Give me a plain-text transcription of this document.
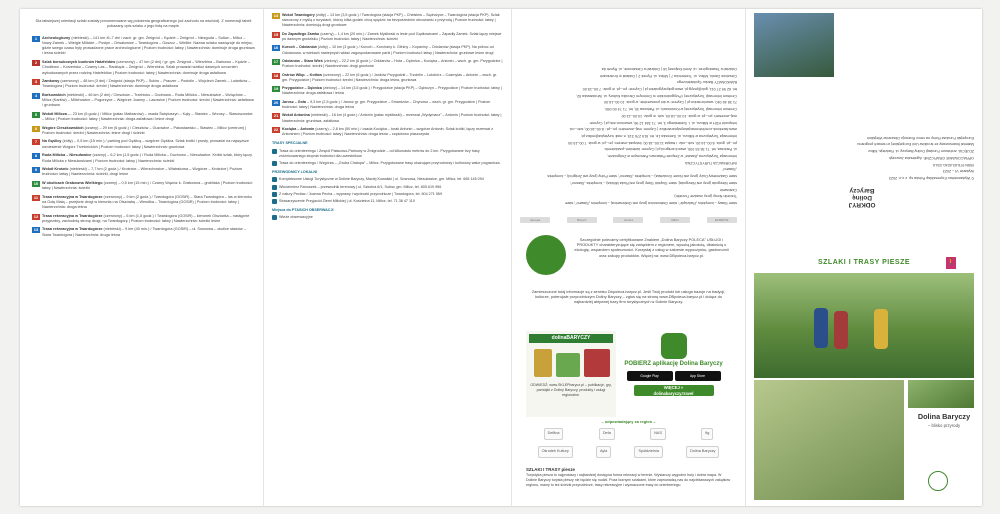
Dla łatwiejszej orientacji szlaki zostały ponumerowane wg położenia geograficznego (od zachodu na wschód). Z numeracji tabeli pokazany opis szlaku z jego listą na mapie.

1	Archeologiczny (niebieski) – 141 km /6–7 dni / zach. gr. gm. Żmigród – Kędzie – Żmigród – Niezgoda – Sułów – Milicz – Nowy Zamek – Wielgie Milickie – Pustyn – Drwalowice – Twardogóra – Goszcz – Wielkie. Nazwa szlaku nawiązuje do miejsc, gdzie swego czasu były prowadzone prace archeologiczne | Poziom trudności: łatwy | Nawierzchnia: dominuje droga gruntowa i leśna ścieżki
2	Szlak borsukowych bunkrów Hatzfeldów (czerwony) – 47 km (2 dni) / gr. gm. Żmigród – Wierzbina – Barkowo – Kędzie – Chodlewo – Korzeńsko – Czarny Las – Radziądz – Żmigród – Wierzbina. Szlak prowadzi wzdłuż dawnych umocnień wybudowanych przez rodzinę Hatzfeldów | Poziom trudności: łatwy | Nawierzchnia: dominuje droga asfaltowa
3	Zamkowy (czerwony) – 48 km (3 dni) / Żmigród (stacja PKP) – Sułów – Praczer – Postolin – Wojciech Zamek – Ludwików – Twardogóra | Poziom trudności: średni | Nawierzchnia: dominuje droga asfaltowa
4	Borkowskich (niebieski) – 46 km (2 dni) / Cieszków – Trzebicko – Godnowa – Ruda Milicka – Niesułowice – Wziąchów – Milicz (Karłów) – Milichowice – Pogorzyce – Wzgórze Joanny – Lasowice | Poziom trudności: średni | Nawierzchnia: asfaltowa / gruntowa
5	Wokół Milicza — 23 km (6 godz.) / Milicz (pałac Maltzanów) – osada Świętoszyn – Kąty – Stawiec – Wrzosy – Sławoszowice – Milicz | Poziom trudności: łatwy | Nawierzchnia: droga asfaltowa i leśne drogi
6	Wzgórz Cieszkowskich (czarny) – 29 km (6 godz.) / Cieszków – Guzowice – Pakosławsko – Stawiec – Milicz (centrum) | Poziom trudności: średni | Nawierzchnia: leśne drogi i ścieżki
7	Na Gęślicy (żółty) – 0,5 km (15 min.) / parking pod Gęślicą – wzgórze Gęślica. Szlak krótki i prosty, prowadzi na najwyższe wzniesienie Wzgórz Trzebnickich | Poziom trudności: łatwy | Nawierzchnia: gruntowa
8	Ruda Milicka – Niesułowice (czarny) – 6,2 km (1,5 godz.) / Ruda Milicka – Duchowo – Niesułowice. Krótki szlak, który łączy Ruda Milicka z Niesułowicami | Poziom trudności: łatwy | Nawierzchnia: ścieżki
9	Wokół Krośnic (niebieski) – 7,7 km (2 godz.) / Krośnice – Wierzchowice – Wiatrakowa – Wzgórze – Krośnice | Poziom trudności: łatwy | Nawierzchnia: ścieżki, drogi leśne
10 W okolicach Grabowna Wielkiego (czarny) – 0,5 km (15 min.) / Czarny Wąwóz k. Grabowna – grobliska | Poziom trudności: łatwy | Nawierzchnia: ścieżki
11	Trasa rekreacyjna w Twardogórze (czerwony) – 9 km (2 godz.) / Twardogóra (GOSiR) – Stara Twardogóra – las w kierunku na Gołę Małą – przejście drogi w kierunku na Olszówkę – Wesółka – Twardogóra (GOSiR) | Poziom trudności: łatwy | Nawierzchnia: droga leśna
12 Trasa rekreacyjna w Twardogórze (czerwony) – 6 km (1,5 godz.) / Twardogóra (GOSiR) – kierunek Olszówka – następnie przyjezdny, zachodnią stronę drogi, na Twardogórę | Poziom trudności: łatwy | Nawierzchnia: ścieżki leśne
13 Trasa rekreacyjna w Twardogórze (niebieski) – 9 km (40 min.) / Twardogóra (GOSiR) – ul. Sosnowa – okolice stawów – Stara Twardogóra | Nawierzchnia: droga leśna
14	Wokół Twardogóry (żółty) – 13 km (3,5 godz.) / Twardogóra (stacja PKP) – Chełstów – Sądrożyce – Twardogóra (stacja PKP). Szlak stworzony z myślą o turystach, którzy kilka godzin chcą spędzić na bezpośrednim obcowaniu z przyrodą | Poziom trudności: łatwy | Nawierzchnia: dominują drogi gruntowe
15	Do Zapadłego Zamku (czarny) – 1,4 km (20 min.) / Zamek Myśliwski w lesie pod Gądkowicami – Zapadły Zamek. Szlak łączy miejsce po dawnym grodzisku | Poziom trudności: łatwy | Nawierzchnia: ścieżki
16	Kuroch – Odolanów (żółty) – 10 km (3 godz.) / Kuroch – Kurchany k. Glininy – Kopaniny – Odolanów (stacja PKP). Na północ od Odolanowa, w wiekach nastepnych widać zagospodarowane parki | Poziom trudności: łatwy | Nawierzchnia: gruntowe leśne drogi
17	Odolanów – Stara Wieś (zielony) – 22,2 km (6 godz.) / Odolanów – Huta – Dębnica – Kocięba – Antonin – wsch. gr. gm. Przygodzice | Poziom trudności: średni | Nawierzchnia: drogi gruntowe
18	Ostrów Wlkp. – Kotłów (czerwony) – 22 km (6 godz.) / Janków Przygodzki – Trzcielin – Lutobórz – Czarnylas – Antonin – wsch. gr. gm. Przygodzice | Poziom trudności: średni | Nawierzchnia: droga leśna, gruntowa
19	Przygodzice – Dębnica (zielony) – 14 km (3,5 godz.) / Przygodzice (stacja PKP) – Gębiczyn – Przygodzice | Poziom trudności: łatwy | Nawierzchnia: droga asfaltowa i leśna
20	Jarosz – Goła – 9,3 km (2,5 godz.) / Jarosz gr. gm. Przygodzice – Smardzów – Chynowo – wsch. gr. gm. Przygodzice | Poziom trudności: łatwy | Nawierzchnia: droga leśna
21	Wokół Antonina (niebieski) – 16 km (4 godz.) / Antonin (pałac myśliwski) – rezerwat „Wydymacz” – Antonin | Poziom trudności: łatwy | Nawierzchnia: gruntowa, asfaltowa
22	Kocięba – Antonin (czarny) – 2,8 km (50 min.) / osada Kocięba – turak Antonin – wzgórze Antonin. Szlak krótki, łączy rezerwat z Antoninem | Poziom trudności: łatwy | Nawierzchnia: droga leśna – częściowo piaszczysta
TRASY SPECJALNE
Trasa do orienteeringu / Zespół Pałacowo-Parkowy w Żmigrodzie – od kilkunastu metrów do 2 km. Przygotowane trzy trasy zróżnicowanego stopnia trudności dla uczestników.
Trasa do orienteeringu / Wzgórza – „Gruba Chałupa” – Milicz. Przygotowane trasy ukazujące przyrodniczy i kulturowy walor pogranicza.
PRZEWODNICY LOKALNI
Kompleksowe Usługi Turystyczne w Dolinie Baryczy, Maciej Kowalski | ul. Sosnowa, Niesułowice, gm. Milicz, tel. 665 145 094
Włodzimierz Ranoszek – przewodnik terenowy | ul. Szkolna 6/1, Sułów, gm. Milicz, tel. 605 619 956
Z natury Pectiac / Joanna Pecha – wyprawy i wycieczki przyrodnicze | Twardogóra, tel. 604 271 569
Stowarzyszenie Przyjaciół Ziemi Milickiej | ul. Kościelna 11, Milicz, tel. 71 38 47 110
Miejsca do PTASICH OBSERWACJI
Wieże obserwacyjne
stare Stawy – kompleks „Radziądz”; stare Grabownica (przy wsi Grabownica) – kompleks „Stawno”; stare
Trzcielin Nowy (przy osadzie Trzcielin)
Czatownie
stare Niezgoda (przy wsi Niezgoda); stare Słupicki Stary (przy wsi Ruda Milicka) – kompleks „Stawno”;
stare Gadziniewy Duży (przy wsi Nowe Grodziska) – kompleks „Stawno”; stare Polny (przy wsi Żmigród) – kompleks
„Stawno”
INFORMACJA TURYSTYCZNA
Informacja Turystyczna „Baszta” w Zespole Pałacowo-Parkowym w Żmigrodzie,
ul. Parkowa, tel. 71 38 53 935, www.it.zmigrod.pl | Czynne: kwiecień–październik:
pn.–pt. godz. 8.00–16.00, sob.–ndz. i święta 11.00–18.00, listopad–marzec: pn.–pt. w godz. 7.00–15.00
Informacja Turystyczna w Miliczu, ul. Szewska 1b, tel. 515 276 315, e-mail: turystyka@milicz.pl;
www.facebook.com/informacjaturystycznamilicz | Czynne: maj–wrzesień: pn.–pt.: 8.00–16.00, sob.–nd.
Infopunkt KDH w Miliczu, ul. I. Sobieskiego 3, tel. 71 384 12 96, www.kcm.edu.pl | Czynne:
maj–wrzesień: pn.–pt. w godz. 10.00–18.00, sob. w godz. 10.00–13.00
Centrum Informacji Turystycznej w Krośnicach, ul. Parkowa 30, tel. 71 74 00 055,
71 38 46 040, www.krosnice.pl | Czynne: w dni powszednie, w godz. 10.00–18.00
Centrum Informacji Turystycznej i Przygodnickich w Gminnym Ośrodku Kultury, ul. Wrocławska 52,
tel. 62 59 27 011, gok@przyg.pl, www.gokprzygodzice.pl | Czynne: pn.–pt. w godz. 7.00–15.00
BANKOMATY Banku Spółdzielczego
Cieszków Zamki, Milicz, ul. Trzebnicka 7 | Milicz, ul. Rynek 2 | Oddział w Krośnicach
Oddział w Twardogórze, ul. Armii Krajowej 16 | Oddział w Cieszkowie, ul. Rynek 6a
Europa	Barycz	Gmina	Milicz	EFRROW

Szczególnie polecamy certyfikowane Znakiem „Dolina Baryczy POLECA” USŁUGI i PRODUKTY charakteryzujące się związkiem z regionem, wysoką jakością, dbałością o ekologię, wsparciem społeczności. Korzystaj z usług w zakresie wypoczynku, gastronomii oraz zakupy produktów. Więcej na: www.DBpoleca.barycz.pl.

Zamieszczone tutaj informacje są z serwisu Dbpoleca.barycz.pl. Jeśli Twój produkt lub usługa bazuje na tradycji, kulturze, potencjale przyrodniczym Doliny Baryczy – zgłoś się na stronę www.DBpoleca.barycz.pl i dołącz do najbardziej aktywnej bazy firm turystycznych w Dolinie Baryczy.

dolinaBARYCZY

ODWIEDŹ: www.SKLEPbarycz.pl – publikacje, gry, pamiątki z Doliny Baryczy, produkty i usługi regionalne.

POBIERZ aplikację Dolina Baryczy
Google Play	App Store
WIĘCEJ »
dolinabaryczy.travel
– odpowiadający za region –
Delfina	Defa	NAS	fig
Ośrodek Kultury	Ayla	Spółdzielnia	Dolina Baryczy
SZLAKI I TRASY piesze

Turystyka piesza to najprostszy i najbardziej dostępna forma rekreacji w terenie. Wystarczy wygodne buty i dobra mapa. W Dolinie Baryczy turysta pieszy nie będzie się nudził. Poza licznymi szlakami, które zaprowadzą nas do najciekawszych zakątków regionu, mamy tu też ścieżki przyrodnicze, trasy rekreacyjne i wyznaczone trasy do orienteeringu.

© Wydawnictwo ExpressMap Polska sp. z o.o. 2023
Wydanie VI – 2023
ISBN 978-83-8240-334-6
OPRACOWANIE GRAFICZNE: Agnieszka Juszczyk
ZDJĘCIA: archiwum Fundacji Doliny Baryczy, ul. Radzieja, Milicz
Materiał finansowany ze środków Unii Europejskiej w ramach programu
Europejski Fundusz Rolny na rzecz Rozwoju Obszarów Wiejskich
ODKRYJ Dolinę Baryczy
SZLAKI I TRASY PIESZE	🚶
Dolina Baryczy
– blisko przyrody
